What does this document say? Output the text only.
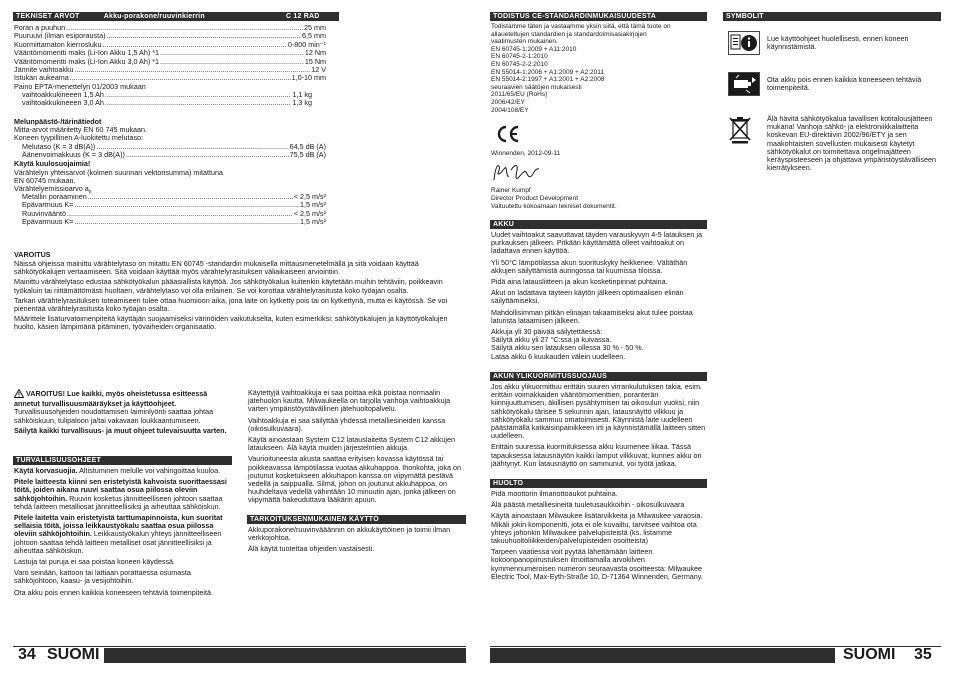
TEKNISET ARVOT	Akku-porakone/ruuvinkierrin	C 12 RAD
Poran a puuhun .....	25 mm
Puuruuvi (ilman esiporausta) .....	6,5 mm
Kuormittamaton kierrosluku .....	0-800 min⁻¹
Vääntömomentti maks (Li-Ion Akku 1,5 Ah) *1 .....	12 Nm
Vääntömomentti maks (Li-Ion Akku 3,0 Ah) *1 .....	15 Nm
Jännite vaihtoakku .....	12 V
Istukan aukeama .....	1,0-10 mm
Paino EPTA-menettelyn 01/2003 mukaan
vaihtoakkukineeen 1,5 Ah .....	1,1 kg
vaihtoakkukineeen 3,0 Ah .....	1,3 kg
Melunpäästö-/tärinätiedot
Mitta-arvot määritetty EN 60 745 mukaan.
Koneen tyypillinen A-luokitettu melutaso:
Melutaso (K = 3 dB(A)) .....	64,5 dB (A)
Äänenvoimakkuus (K = 3 dB(A)) .....	75,5 dB (A)
Käytä kuulosuojaimia!
Värähtelyn yhteisarvot (kolmen suunnan vektorisumma) mitattuna EN 60745 mukaan.
Värähtelyemissioarvo $a_h$
Metallin poraaminen .....	< 2,5 m/s²
Epävarmuus K= .....	1,5 m/s²
Ruuvinvääntö .....	< 2,5 m/s²
Epävarmuus K= .....	1,5 m/s²
VAROITUS

Näissä ohjeissa mainittu värähtelytaso on mitattu EN 60745 -standardin mukaisella mittausmenetelmällä ja sitä voidaan käyttää sähkötyökalujen vertaamiseen. Sitä voidaan käyttää myös värähtelyrasituksen väliaikaiseen arviointiin.

Mainittu värähtelytaso edustaa sähkötyökalun pääasiallista käyttöä. Jos sähkötyökalua kuitenkin käytetään muihin tehtäviin, poikkeavin työkaluin tai riittämättömästi huoltaen, värähtelytaso voi olla erilainen. Se voi korottaa värähtelyrasitusta koko työajan osalta.

Tarkan värähtelyrasituksen toteamiseen tulee ottaa huomioon aika, jona laite on kytketty pois tai on kytkettynä, mutta ei käytössä. Se voi pienentää värähtelyrasitusta koko työajan osalta.

Määrittele lisäturvatoimenpiteitä käyttäjän suojaamiseksi värinöiden vaikutukselta, kuten esimerkiksi: sähkötyökalujen ja käyttötyökalujen huolto, käsien lämpimänä pitäminen, työvaiheiden organisaatio.

VAROITUS! Lue kaikki, myös oheistetussa esitteessä annetut turvallisuusmääräykset ja käyttöohjeet. Turvallisuusohjeiden noudattamisen laiminlyönti saattaa johtaa sähköiskuun, tulipaloon ja/tai vakavaan loukkaantumiseen.

Säilytä kaikki turvallisuus- ja muut ohjeet tulevaisuutta varten.

TURVALLISUUSOHJEET

Käytä korvasuojia. Altistuminen melulle voi vahingoittaa kuuloa.

Pitele laitteesta kiinni sen eristetyistä kahvoista suorittaessasi töitä, joiden aikana ruuvi saattaa osua piilossa oleviin sähköjohtoihin. Ruuvin kosketus jännitteelliseen johtoon saattaa tehdä laitteen metalliosat jännitteellisiksi ja aiheuttaa sähköiskun.

Pitele laitetta vain eristetyistä tarttumapinnoista, kun suoritat sellaisia töitä, joissa leikkaustyökalu saattaa osua piilossa oleviin sähköjohtoihin. Leikkaustyökalun yhteys jännitteelliseen johtoon saattaa tehdä laitteen metalliset osat jännitteellisiksi ja aiheuttaa sähköiskun.

Lastuja tai puruja ei saa poistaa koneen käydessä.

Varo seinään, kattoon tai lattiaan porattaessa osumasta sähköjohtoon, kaasu- ja vesijohtoihin.

Ota akku pois ennen kaikkia koneeseen tehtäviä toimenpiteitä.

Käytettyjä vaihtoakkuja ei saa poittaa eikä poistaa normaalin jätehuolon kautta. Milwaukeella on tarjolla vanhoja vaihtoakkuja varten ympäristöystävällinen jätehuoltopalvelu.

Vaihtoakkuja ei saa säilyttää yhdessä metalliesineiden kanssa (oikosulkuvaara).

Käytä ainoastaan System C12 latauslaitetta System C12 akkujen lataukseen. Älä käytä muiden järjestelmien akkuja.

Vaurioituneesta akusta saattaa erityisen kovassa käytössä tai poikkeavassa lämpötilassa vuotaa akkuhappoa. Ihonkohta, joka on joutunut kosketukseen akkuhapon kanssa on viipymättä pestävä vedellä ja saippualla. Silmä, johon on joutunut akkuhappoa, on huuhdeltava vedellä vähintään 10 minuutin ajan, jonka jälkeen on viipymättä hakeuduttava lääkärin apuun.

TARKOITUKSENMUKAINEN KÄYTTÖ

Akkuporakone/ruuvinvääännin on akkukäyttöinen ja toimii ilman verkkojohtoa.

Älä käytä tuotettaa ohjeiden vastaisesti.

34 SUOMI
TODISTUS CE-STANDARDINMUKAISUUDESTA
Todistamme täten ja vastaamme yksin siitä, että tämä tuote on
allaueteltujen standardien ja standardoimisasiakirjojen
vaatimusten mukainen.
EN 60745-1:2009 + A11:2010
EN 60745-2-1:2010
EN 60745-2-2:2010
EN 55014-1:2006 + A1:2009 + A2:2011
EN 55014-2:1997 + A1:2001 + A2:2008
seuraavien säätöjen mukaisesti
2011/65/EU (RoHs)
2006/42/EY
2004/108/EY
Winnenden, 2012-09-11
Rainer Kumpf
Director Product Development
Valtuutettu kokoamaan tekniset dokumentit.
AKKU

Uudet vaihtoakut saavuttavat täyden varauskyvyn 4-5 latauksen ja purkauksen jälkeen. Pitkään käyttämättä olleet vaihtoakut on ladattava ennen käyttöä.

Yli 50°C lämpötilassa akun suorituskyky heikkenee. Vältäthän akkujen säilyttämistä auringossa tai kuumissa tiloissa.

Pidä aina latausliitteen ja akun kosketinpinnat puhtaina.

Akut on ladattava täyteen käytön jälkeen optimaalisen elinän säilyttämiseksi.

Mahdollisimman pitkän elinajan takaamiseksi akut tulee poistaa laturista lataamisen jälkeen.

Akkuja yli 30 päivää säilytettäessä:
Säilytä akku yli 27 °C:ssa ja kuivassa.
Säilytä akku sen latauksen ollessa 30 % - 50 %.
Lataa akku 6 kuukauden välein uudelleen.

AKUN YLIKUORMITUSSUOJAUS

Jos akku ylikuormittuu erittäin suuren virrankulutuksen takia, esim. erittäin voimakkaiden vääntömomenttien, poranterän kiinnijuuttumisen, äkillisen pysähtymisen tai oikosulun vuoksi, niin sähkötyökalu tärisee 5 sekunnin ajan, latausnäyttö vilkkuu ja sähkötyökalu sammuu omatoimisesti. Käynnistä laite uudelleen päästämällä katkaisinpainikkeen irti ja käynnistämällä laitteen sitten uudelleen.

Erittäin suuressa kuormituksessa akku kuumenee liikaa. Tässä tapauksessa latausnäytön kaikki lamput vilkkuvat, kunnes akku on jäähtynyt. Kun latausnäyttö on sammunut, voi työtä jatkaa.

HUOLTO

Pidä moottorin ilmanottoaukot puhtaina.

Älä päästä metalliesineitä tuuletusaukkoihin - oikosulkuvaara

Käytä ainoastaan Milwaukee lisätarvikkeita ja Milwaukee varaosia. Mikäli jokin komponentti, jota ei ole kuvailtu, tarvitsee vaihtoa ota yhteys johonkin Milwaukee palvelupisteistä (ks. listamme takuuhuoltoliikkeiden/palvelupisteiden osoitteista)

Tarpeen vaatiessa voit pyytää lähettämään laitteen kokoonpanopiirustuksen ilmoittamalla arvokilven kymmennumeroisen numeron seuraavasta osoitteesta: Milwaukee Electric Tool, Max-Eyth-Straße 10, D-71364 Winnenden, Germany.

SYMBOLIT
Lue käyttöohjeet huolellisesti, ennen koneen käynnistämistä.
Ota akku pois ennen kaikkia koneeseen tehtäviä toimenpiteitä.
Älä hävitä sähkötyökalua tavallisen kotitalousjätteen mukana! Vanhoja sähkö- ja elektroniikkalaitteita koskevan EU-direktiivin 2002/96/ETY ja sen maakohtaisten sovellusten mukaisesti käytetyt sähkötyökalut on toimitettava ongelmajätteen keräyspisteeseen ja ohjattava ympäristöystävälliseen kierrätykseen.
SUOMI 35
